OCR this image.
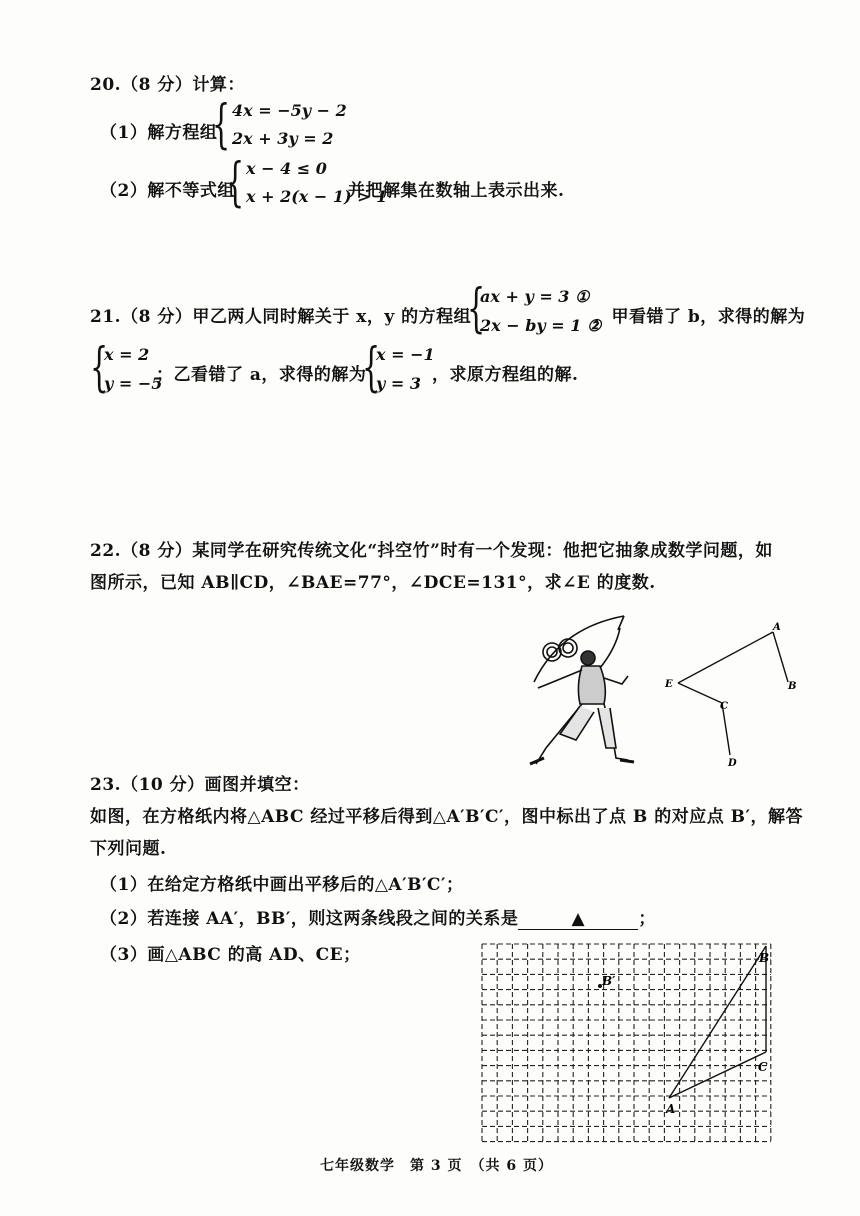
20.（8 分）计算：
（1）解方程组
{ 4x = −5y − 2
2x + 3y = 2
（2）解不等式组
{ x − 4 ≤ 0
x + 2(x − 1) > 1
并把解集在数轴上表示出来.
21.（8 分）甲乙两人同时解关于 x，y 的方程组
{
ax + y = 3 ①
2x − by = 1 ②
，甲看错了 b，求得的解为
{
x = 2
y = −5
；乙看错了 a，求得的解为
{
x = −1
y = 3 ，求原方程组的解.
22.（8 分）某同学在研究传统文化“抖空竹”时有一个发现：他把它抽象成数学问题，如
图所示，已知 AB∥CD，∠BAE=77°，∠DCE=131°，求∠E 的度数.
A
B
C
D
E
23.（10 分）画图并填空：
如图，在方格纸内将△ABC 经过平移后得到△A′B′C′，图中标出了点 B 的对应点 B′，解答
下列问题.
（1）在给定方格纸中画出平移后的△A′B′C′；
（2）若连接 AA′，BB′，则这两条线段之间的关系是	▲	；
（3）画△ABC 的高 AD、CE；
A
B
C
B′
七年级数学　第 3 页　（共 6 页）
